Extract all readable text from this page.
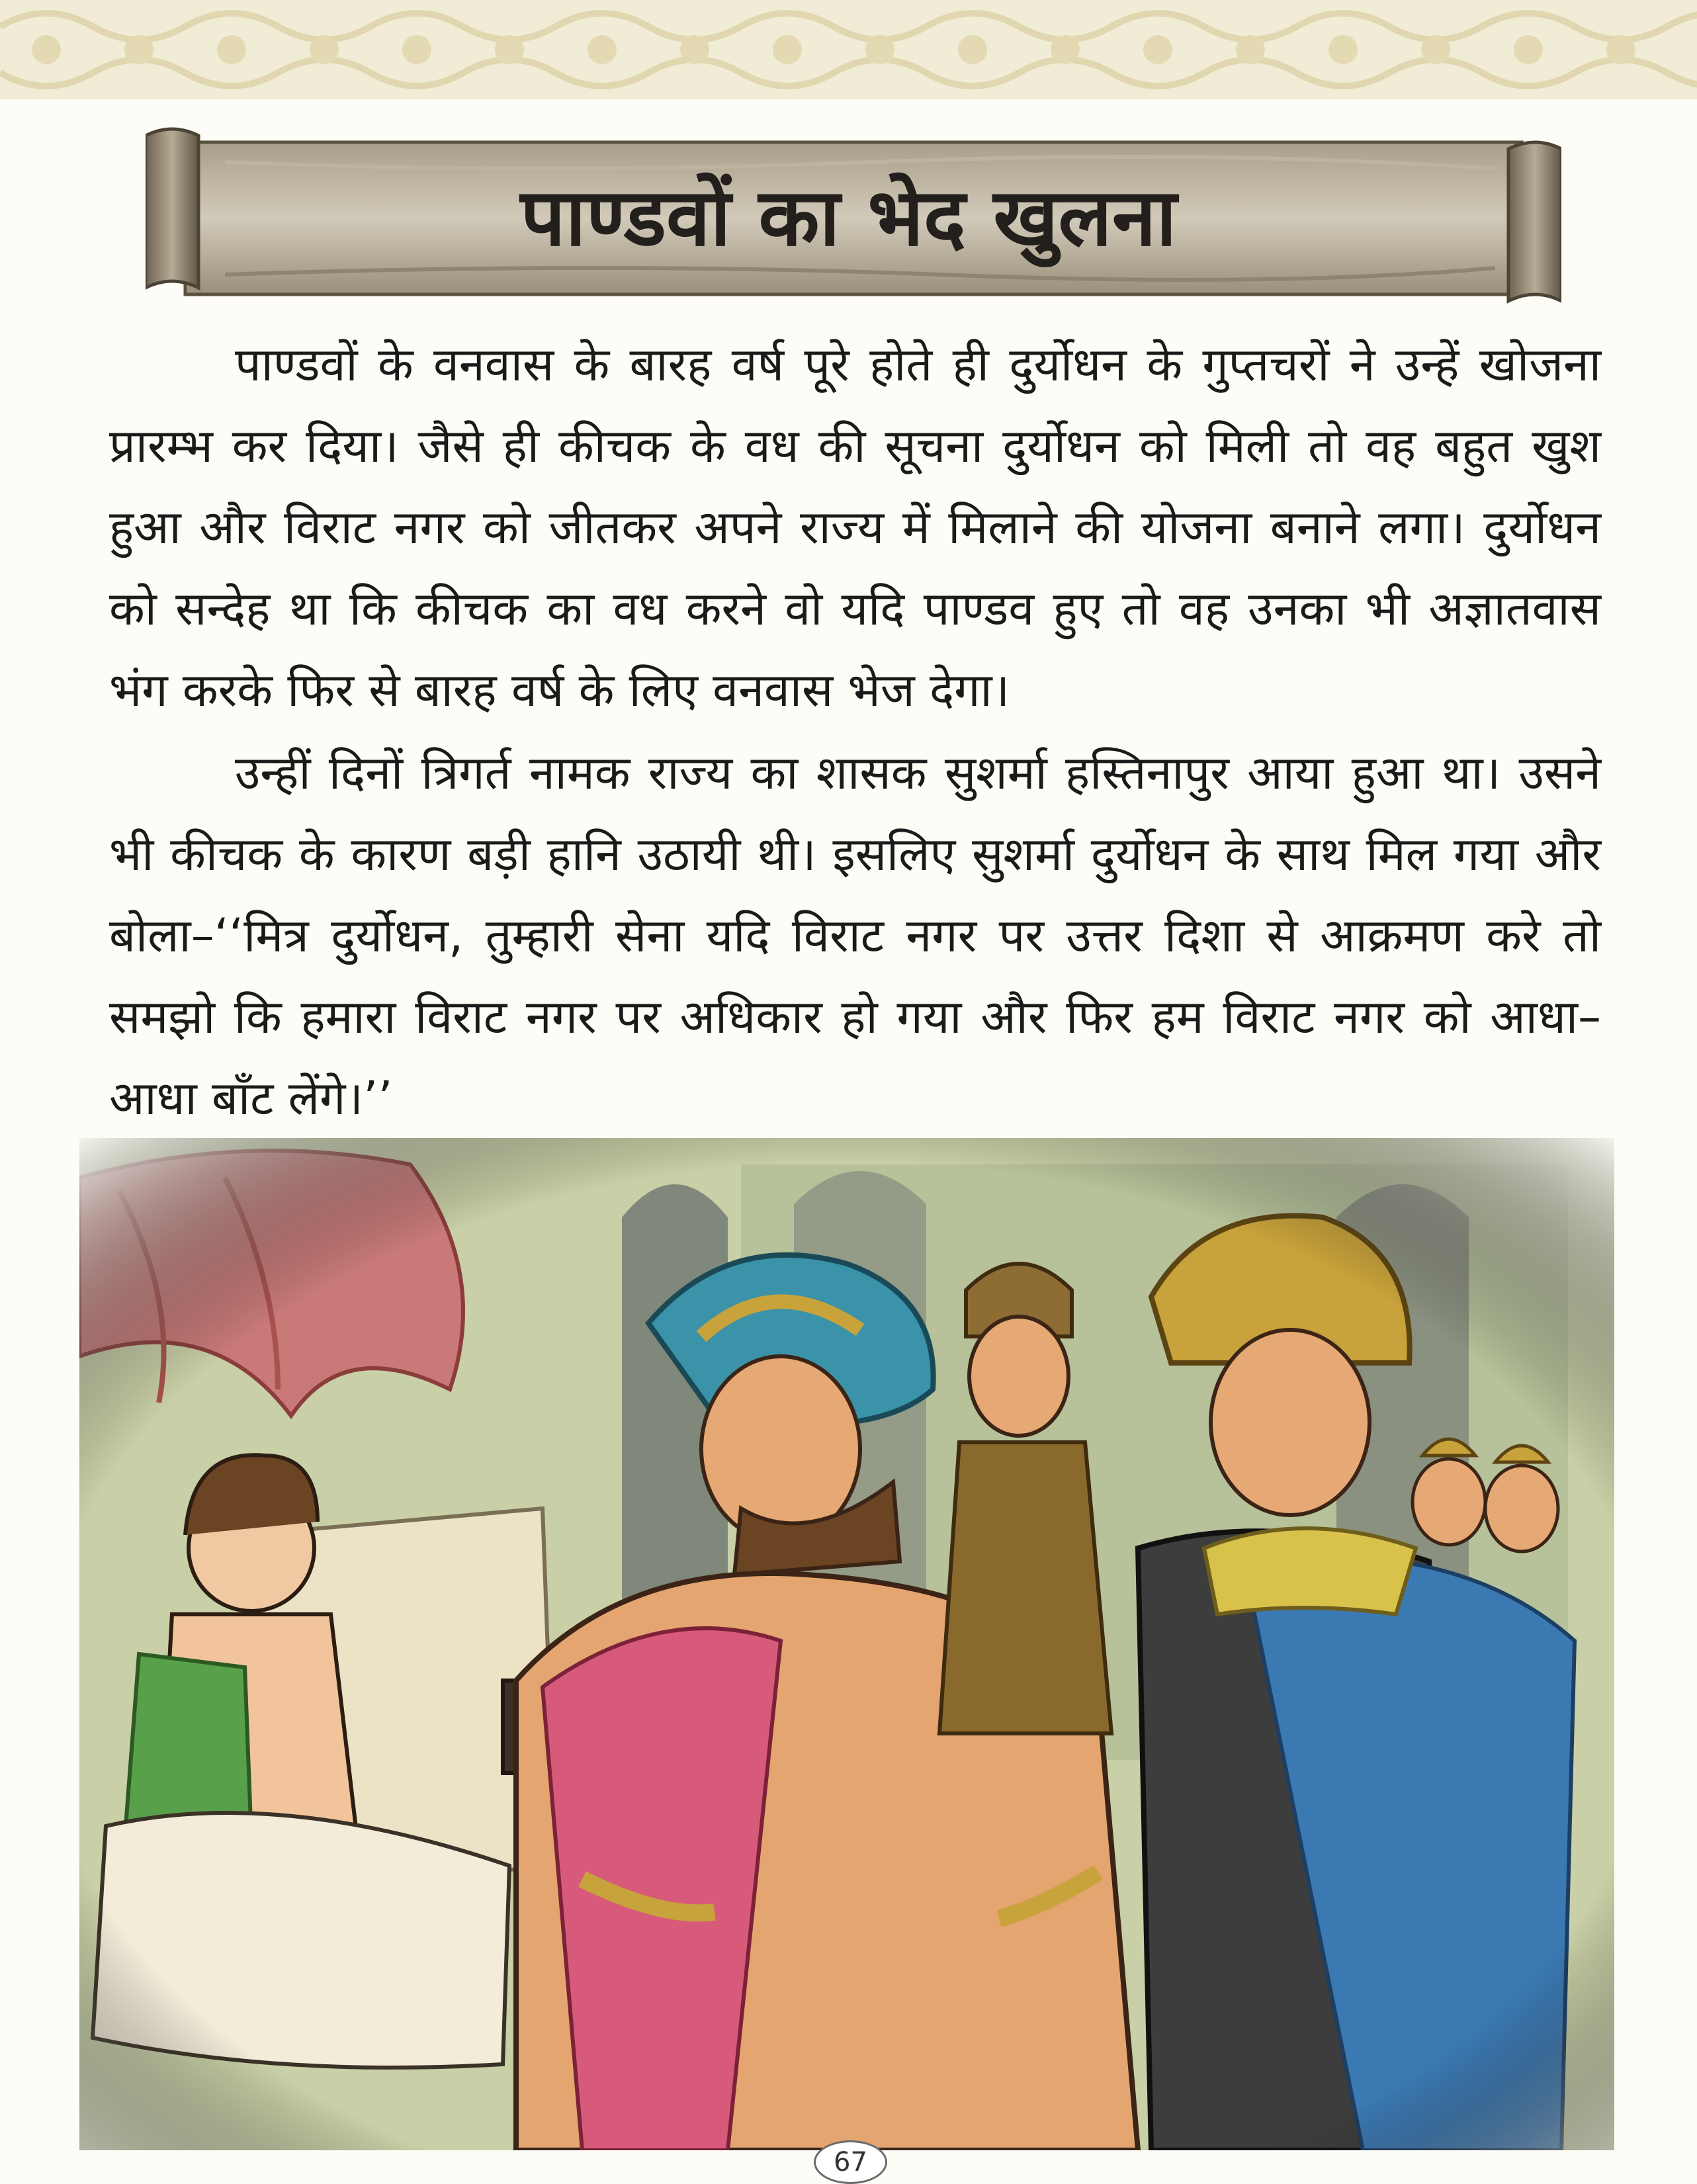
पाण्डवों का भेद खुलना

पाण्डवों के वनवास के बारह वर्ष पूरे होते ही दुर्योधन के गुप्तचरों ने उन्हें खोजना प्रारम्भ कर दिया। जैसे ही कीचक के वध की सूचना दुर्योधन को मिली तो वह बहुत खुश हुआ और विराट नगर को जीतकर अपने राज्य में मिलाने की योजना बनाने लगा। दुर्योधन को सन्देह था कि कीचक का वध करने वो यदि पाण्डव हुए तो वह उनका भी अज्ञातवास भंग करके फिर से बारह वर्ष के लिए वनवास भेज देगा।

उन्हीं दिनों त्रिगर्त नामक राज्य का शासक सुशर्मा हस्तिनापुर आया हुआ था। उसने भी कीचक के कारण बड़ी हानि उठायी थी। इसलिए सुशर्मा दुर्योधन के साथ मिल गया और बोला–‘‘मित्र दुर्योधन, तुम्हारी सेना यदि विराट नगर पर उत्तर दिशा से आक्रमण करे तो समझो कि हमारा विराट नगर पर अधिकार हो गया और फिर हम विराट नगर को आधा–आधा बाँट लेंगे।’’

67
